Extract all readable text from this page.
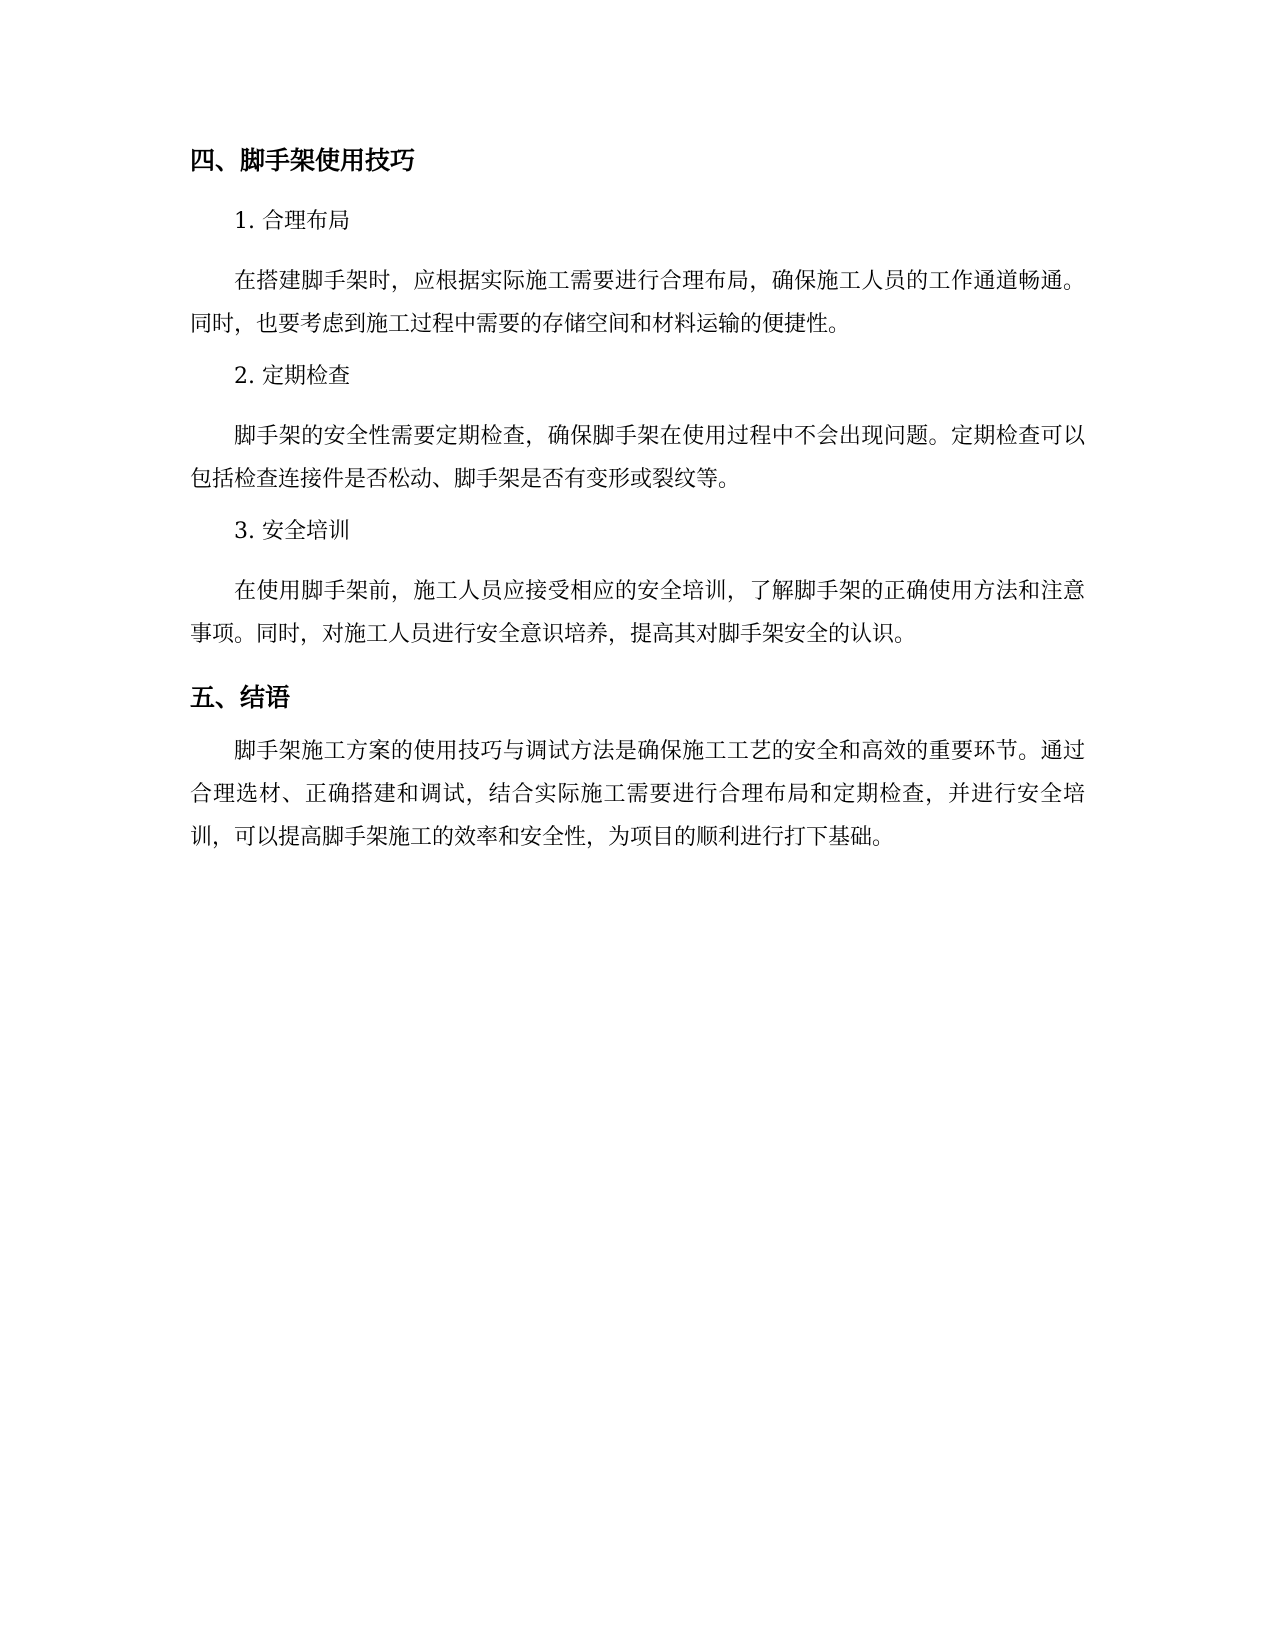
四、脚手架使用技巧
1. 合理布局

在搭建脚手架时，应根据实际施工需要进行合理布局，确保施工人员的工作通道畅通。同时，也要考虑到施工过程中需要的存储空间和材料运输的便捷性。

2. 定期检查

脚手架的安全性需要定期检查，确保脚手架在使用过程中不会出现问题。定期检查可以包括检查连接件是否松动、脚手架是否有变形或裂纹等。

3. 安全培训

在使用脚手架前，施工人员应接受相应的安全培训，了解脚手架的正确使用方法和注意事项。同时，对施工人员进行安全意识培养，提高其对脚手架安全的认识。

五、结语

脚手架施工方案的使用技巧与调试方法是确保施工工艺的安全和高效的重要环节。通过合理选材、正确搭建和调试，结合实际施工需要进行合理布局和定期检查，并进行安全培训，可以提高脚手架施工的效率和安全性，为项目的顺利进行打下基础。
